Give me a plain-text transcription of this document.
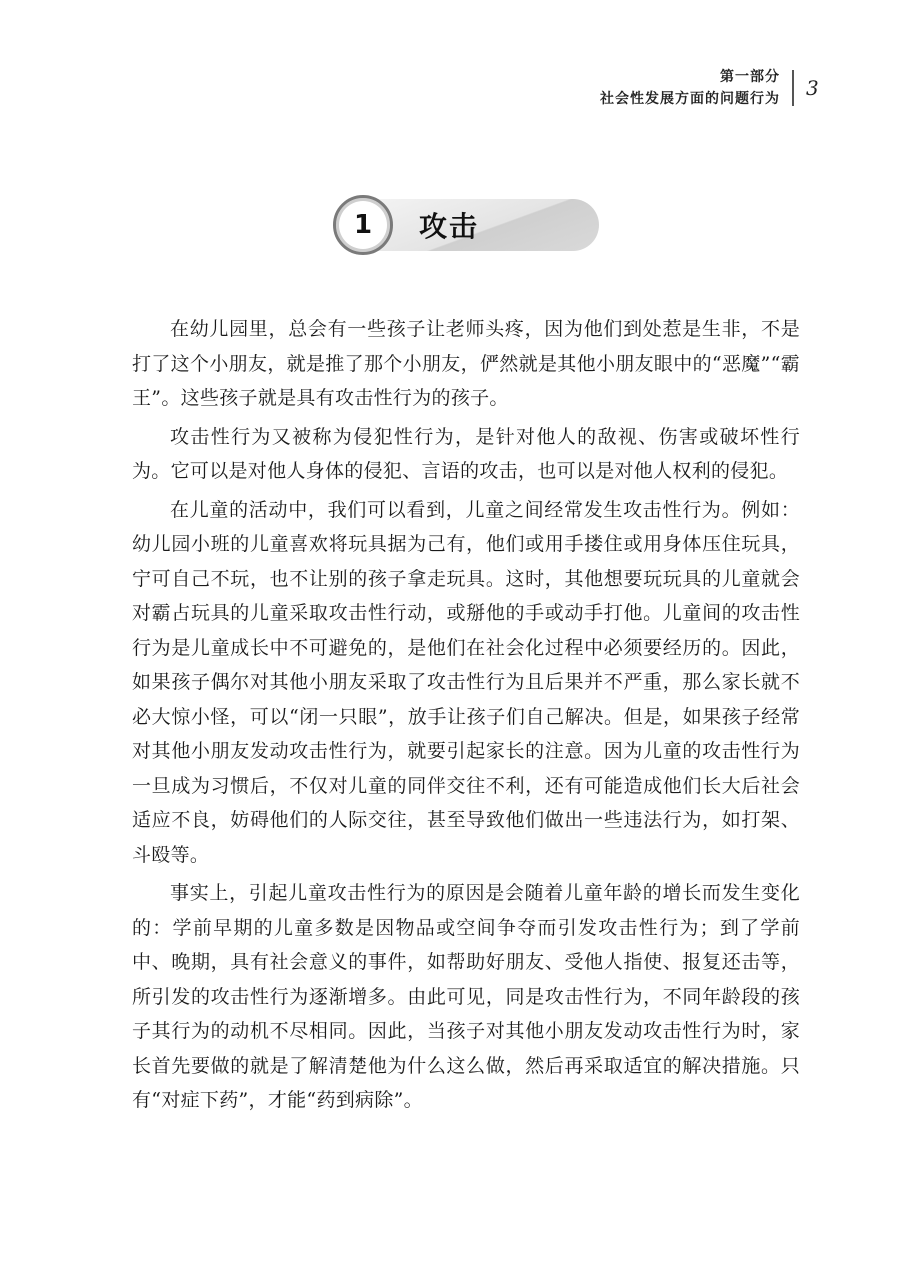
第一部分
社会性发展方面的问题行为 3
1	攻击

在幼儿园里，总会有一些孩子让老师头疼，因为他们到处惹是生非，不是打了这个小朋友，就是推了那个小朋友，俨然就是其他小朋友眼中的“恶魔”“霸王”。这些孩子就是具有攻击性行为的孩子。

攻击性行为又被称为侵犯性行为，是针对他人的敌视、伤害或破坏性行为。它可以是对他人身体的侵犯、言语的攻击，也可以是对他人权利的侵犯。

在儿童的活动中，我们可以看到，儿童之间经常发生攻击性行为。例如：幼儿园小班的儿童喜欢将玩具据为己有，他们或用手搂住或用身体压住玩具，宁可自己不玩，也不让别的孩子拿走玩具。这时，其他想要玩玩具的儿童就会对霸占玩具的儿童采取攻击性行动，或掰他的手或动手打他。儿童间的攻击性行为是儿童成长中不可避免的，是他们在社会化过程中必须要经历的。因此，如果孩子偶尔对其他小朋友采取了攻击性行为且后果并不严重，那么家长就不必大惊小怪，可以“闭一只眼”，放手让孩子们自己解决。但是，如果孩子经常对其他小朋友发动攻击性行为，就要引起家长的注意。因为儿童的攻击性行为一旦成为习惯后，不仅对儿童的同伴交往不利，还有可能造成他们长大后社会适应不良，妨碍他们的人际交往，甚至导致他们做出一些违法行为，如打架、斗殴等。

事实上，引起儿童攻击性行为的原因是会随着儿童年龄的增长而发生变化的：学前早期的儿童多数是因物品或空间争夺而引发攻击性行为；到了学前中、晚期，具有社会意义的事件，如帮助好朋友、受他人指使、报复还击等，所引发的攻击性行为逐渐增多。由此可见，同是攻击性行为，不同年龄段的孩子其行为的动机不尽相同。因此，当孩子对其他小朋友发动攻击性行为时，家长首先要做的就是了解清楚他为什么这么做，然后再采取适宜的解决措施。只有“对症下药”，才能“药到病除”。
